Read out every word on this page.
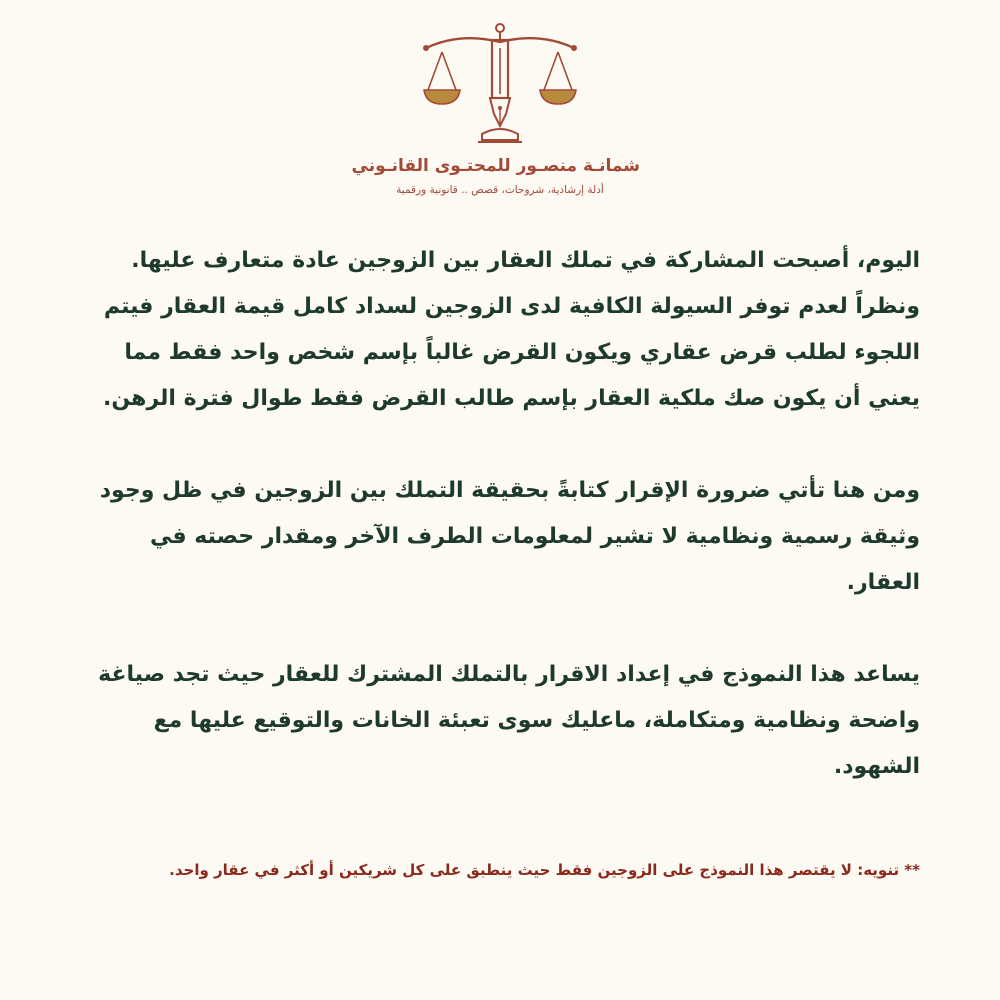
شمانـة منصـور للمحتـوى القانـوني
أدلة إرشادية، شروحات، قصص .. قانونية ورقمية

اليوم، أصبحت المشاركة في تملك العقار بين الزوجين عادة متعارف عليها. ونظراً لعدم توفر السيولة الكافية لدى الزوجين لسداد كامل قيمة العقار فيتم اللجوء لطلب قرض عقاري ويكون القرض غالباً بإسم شخص واحد فقط مما يعني أن يكون صك ملكية العقار بإسم طالب القرض فقط طوال فترة الرهن.

ومن هنا تأتي ضرورة الإقرار كتابةً بحقيقة التملك بين الزوجين في ظل وجود وثيقة رسمية ونظامية لا تشير لمعلومات الطرف الآخر ومقدار حصته في العقار.

يساعد هذا النموذج في إعداد الاقرار بالتملك المشترك للعقار حيث تجد صياغة واضحة ونظامية ومتكاملة، ماعليك سوى تعبئة الخانات والتوقيع عليها مع الشهود.

** تنويه: لا يقتصر هذا النموذج على الزوجين فقط حيث ينطبق على كل شريكين أو أكثر في عقار واحد.
